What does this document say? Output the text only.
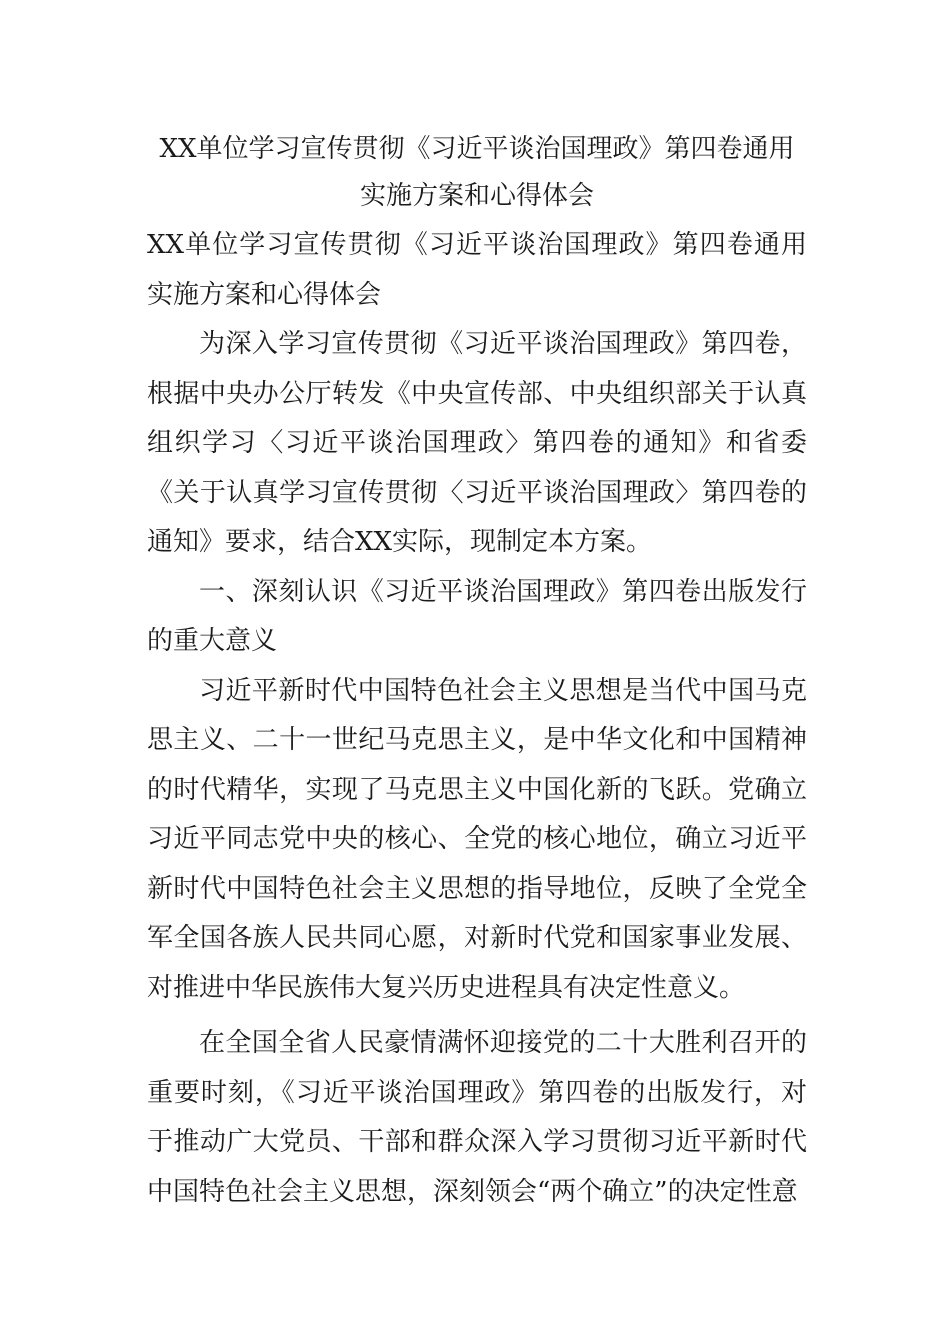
XX单位学习宣传贯彻《习近平谈治国理政》第四卷通用实施方案和心得体会

XX单位学习宣传贯彻《习近平谈治国理政》第四卷通用实施方案和心得体会

为深入学习宣传贯彻《习近平谈治国理政》第四卷，根据中央办公厅转发《中央宣传部、中央组织部关于认真组织学习〈习近平谈治国理政〉第四卷的通知》和省委《关于认真学习宣传贯彻〈习近平谈治国理政〉第四卷的通知》要求，结合XX实际，现制定本方案。

一、深刻认识《习近平谈治国理政》第四卷出版发行的重大意义

习近平新时代中国特色社会主义思想是当代中国马克思主义、二十一世纪马克思主义，是中华文化和中国精神的时代精华，实现了马克思主义中国化新的飞跃。党确立习近平同志党中央的核心、全党的核心地位，确立习近平新时代中国特色社会主义思想的指导地位，反映了全党全军全国各族人民共同心愿，对新时代党和国家事业发展、对推进中华民族伟大复兴历史进程具有决定性意义。

在全国全省人民豪情满怀迎接党的二十大胜利召开的重要时刻，《习近平谈治国理政》第四卷的出版发行，对于推动广大党员、干部和群众深入学习贯彻习近平新时代中国特色社会主义思想，深刻领会“两个确立”的决定性意
